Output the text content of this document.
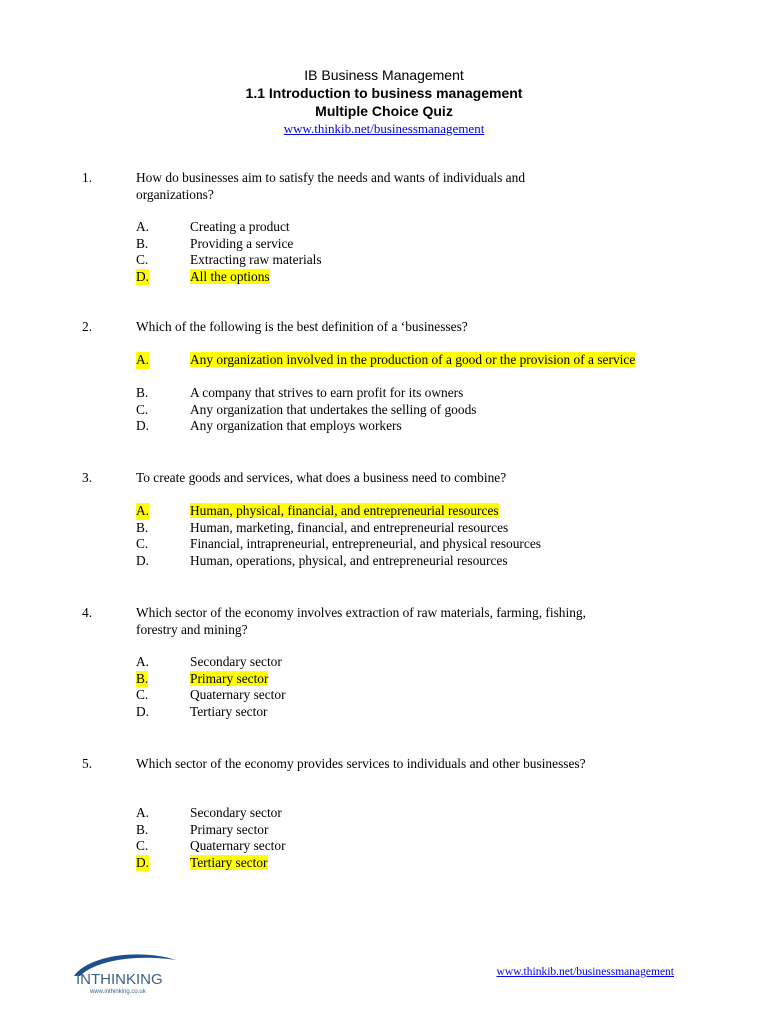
IB Business Management
1.1 Introduction to business management
Multiple Choice Quiz
www.thinkib.net/businessmanagement
1.	How do businesses aim to satisfy the needs and wants of individuals and organizations?
A.	Creating a product
B.	Providing a service
C.	Extracting raw materials
D.	All the options
2.	Which of the following is the best definition of a ‘businesses?
A.	Any organization involved in the production of a good or the provision of a service
B.	A company that strives to earn profit for its owners
C.	Any organization that undertakes the selling of goods
D.	Any organization that employs workers
3.	To create goods and services, what does a business need to combine?
A.	Human, physical, financial, and entrepreneurial resources
B.	Human, marketing, financial, and entrepreneurial resources
C.	Financial, intrapreneurial, entrepreneurial, and physical resources
D.	Human, operations, physical, and entrepreneurial resources
4.	Which sector of the economy involves extraction of raw materials, farming, fishing, forestry and mining?
A.	Secondary sector
B.	Primary sector
C.	Quaternary sector
D.	Tertiary sector
5.	Which sector of the economy provides services to individuals and other businesses?
A.	Secondary sector
B.	Primary sector
C.	Quaternary sector
D.	Tertiary sector
INTHINKING
www.inthinking.co.uk
www.thinkib.net/businessmanagement
